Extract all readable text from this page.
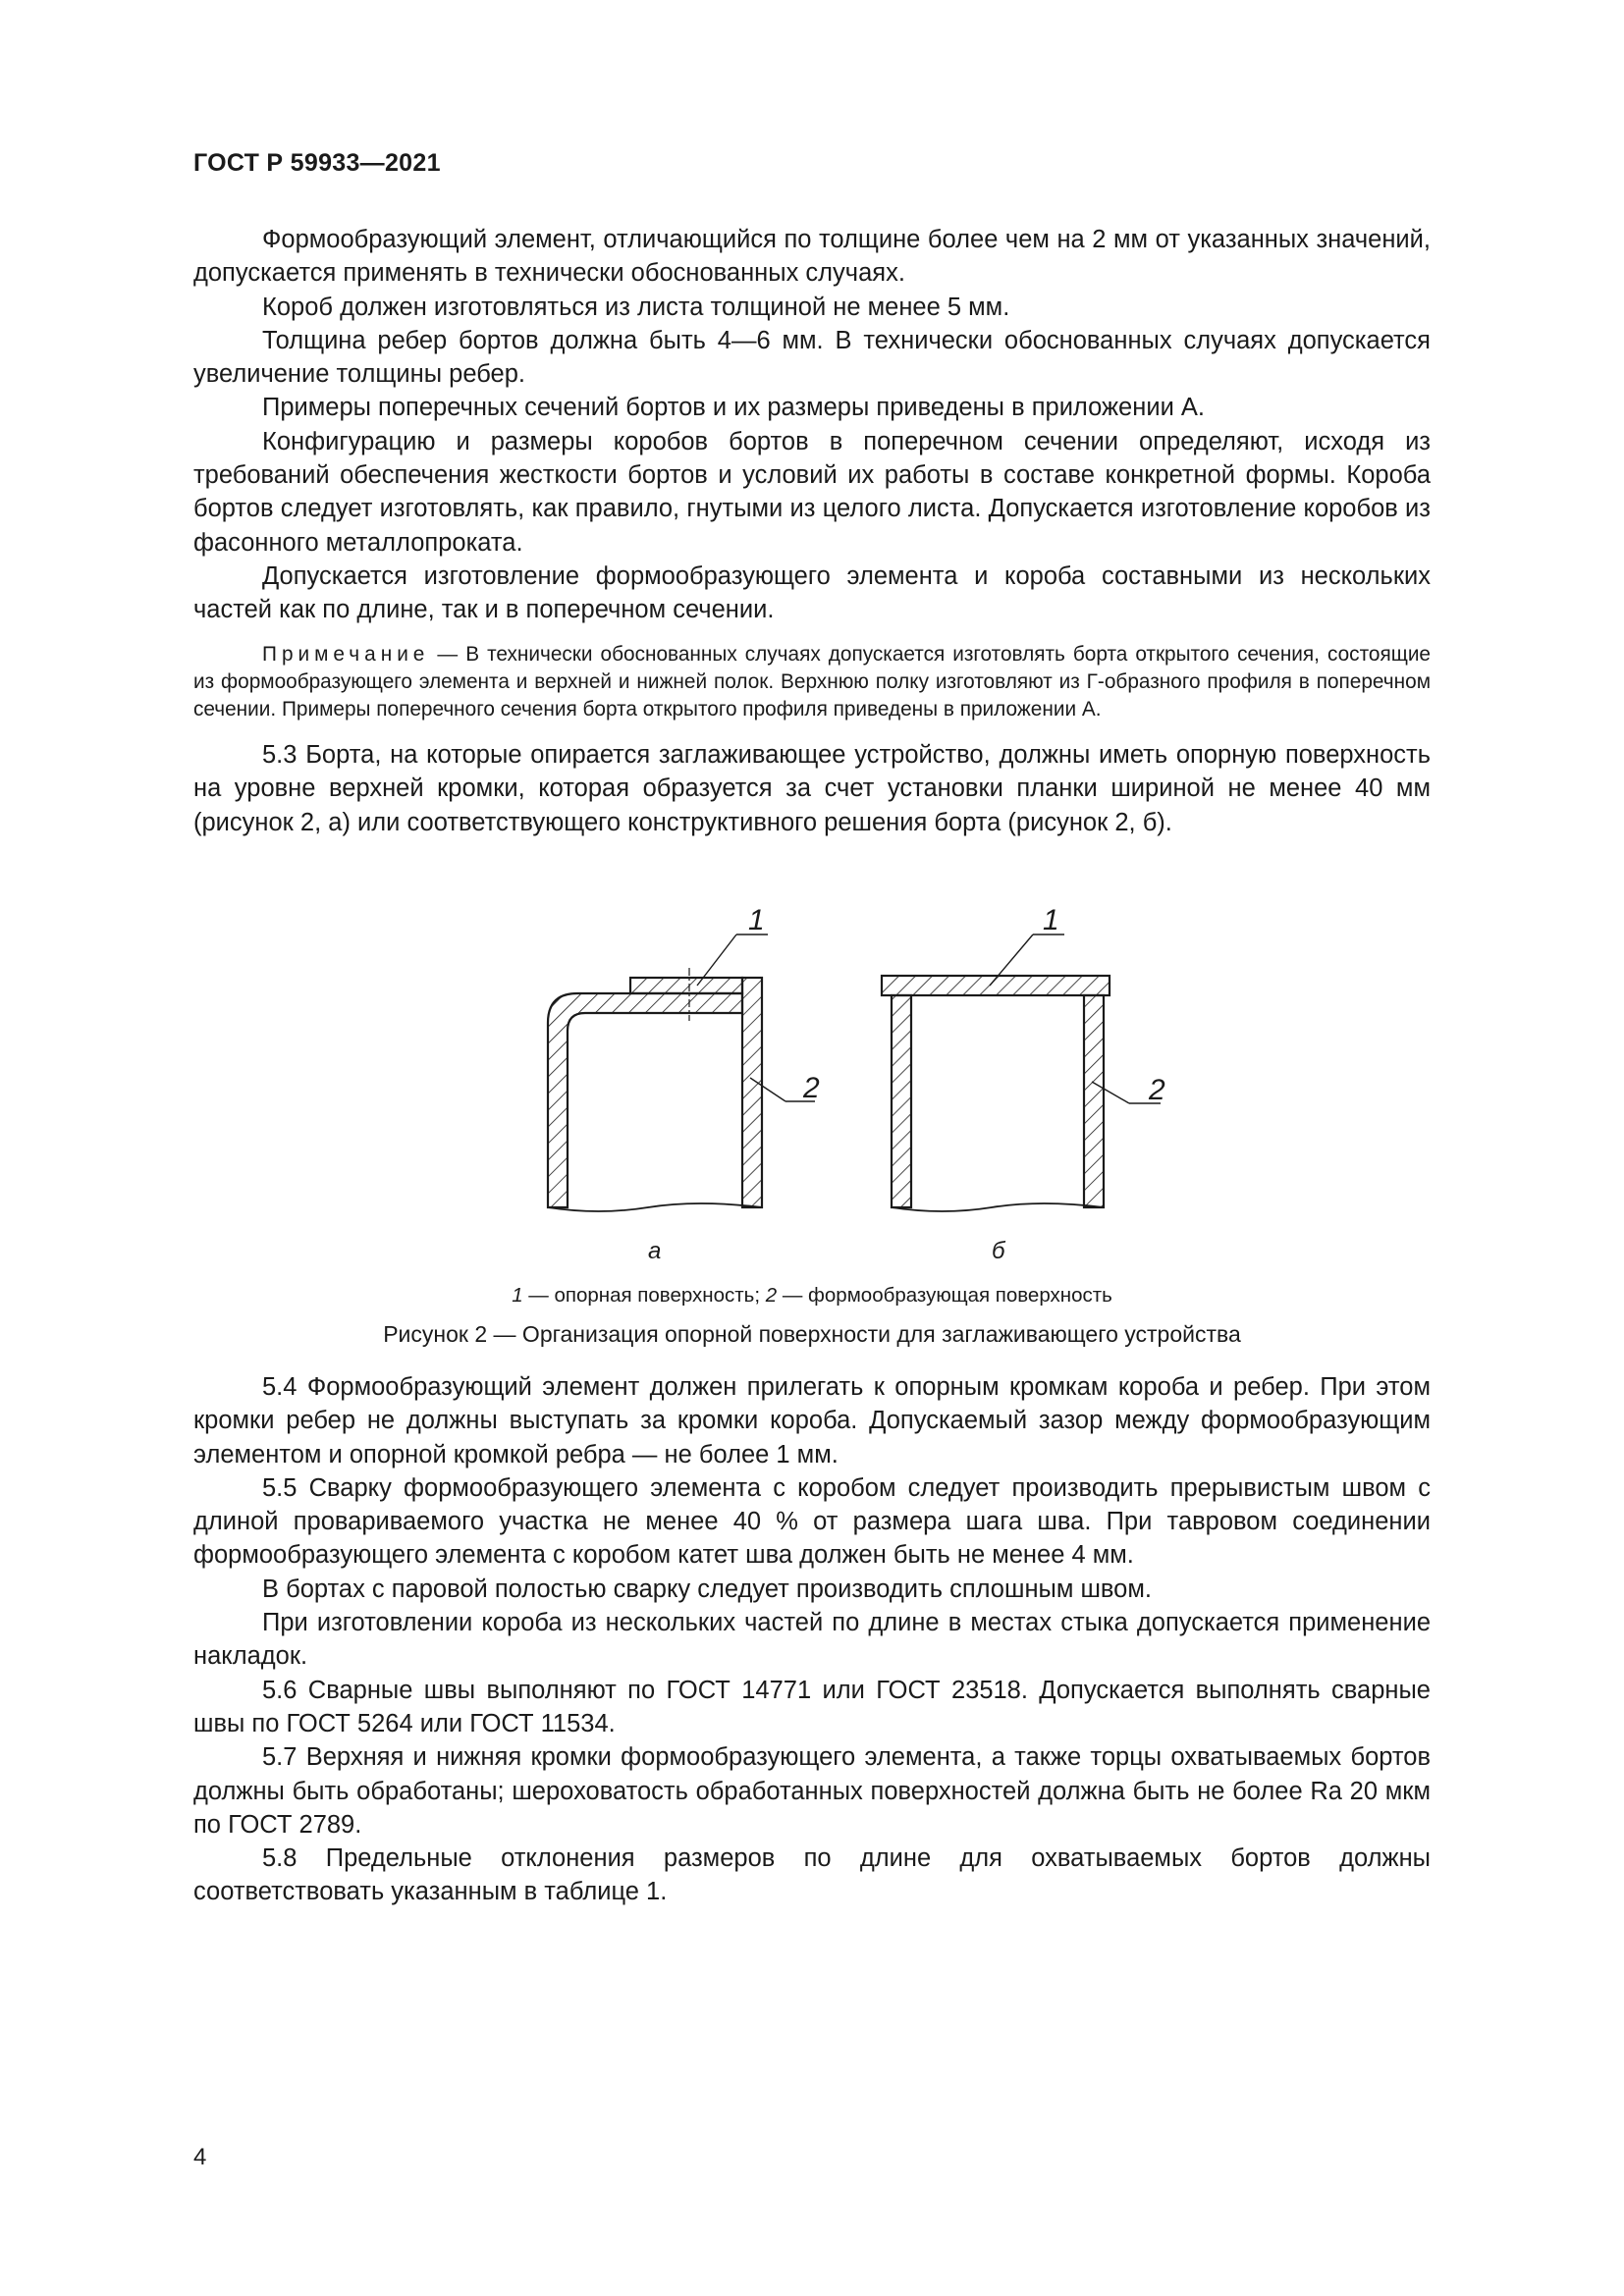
ГОСТ Р 59933—2021

Формообразующий элемент, отличающийся по толщине более чем на 2 мм от указанных значений, допускается применять в технически обоснованных случаях.

Короб должен изготовляться из листа толщиной не менее 5 мм.

Толщина ребер бортов должна быть 4—6 мм. В технически обоснованных случаях допускается увеличение толщины ребер.

Примеры поперечных сечений бортов и их размеры приведены в приложении А.

Конфигурацию и размеры коробов бортов в поперечном сечении определяют, исходя из требований обеспечения жесткости бортов и условий их работы в составе конкретной формы. Короба бортов следует изготовлять, как правило, гнутыми из целого листа. Допускается изготовление коробов из фасонного металлопроката.

Допускается изготовление формообразующего элемента и короба составными из нескольких частей как по длине, так и в поперечном сечении.

Примечание — В технически обоснованных случаях допускается изготовлять борта открытого сечения, состоящие из формообразующего элемента и верхней и нижней полок. Верхнюю полку изготовляют из Г-образного профиля в поперечном сечении. Примеры поперечного сечения борта открытого профиля приведены в приложении А.

5.3 Борта, на которые опирается заглаживающее устройство, должны иметь опорную поверхность на уровне верхней кромки, которая образуется за счет установки планки шириной не менее 40 мм (рисунок 2, а) или соответствующего конструктивного решения борта (рисунок 2, б).

1
2
1
2
а	б
1 — опорная поверхность; 2 — формообразующая поверхность
Рисунок 2 — Организация опорной поверхности для заглаживающего устройства

5.4 Формообразующий элемент должен прилегать к опорным кромкам короба и ребер. При этом кромки ребер не должны выступать за кромки короба. Допускаемый зазор между формообразующим элементом и опорной кромкой ребра — не более 1 мм.

5.5 Сварку формообразующего элемента с коробом следует производить прерывистым швом с длиной провариваемого участка не менее 40 % от размера шага шва. При тавровом соединении формообразующего элемента с коробом катет шва должен быть не менее 4 мм.

В бортах с паровой полостью сварку следует производить сплошным швом.

При изготовлении короба из нескольких частей по длине в местах стыка допускается применение накладок.

5.6 Сварные швы выполняют по ГОСТ 14771 или ГОСТ 23518. Допускается выполнять сварные швы по ГОСТ 5264 или ГОСТ 11534.

5.7 Верхняя и нижняя кромки формообразующего элемента, а также торцы охватываемых бортов должны быть обработаны; шероховатость обработанных поверхностей должна быть не более Ra 20 мкм по ГОСТ 2789.

5.8 Предельные отклонения размеров по длине для охватываемых бортов должны соответствовать указанным в таблице 1.

4
